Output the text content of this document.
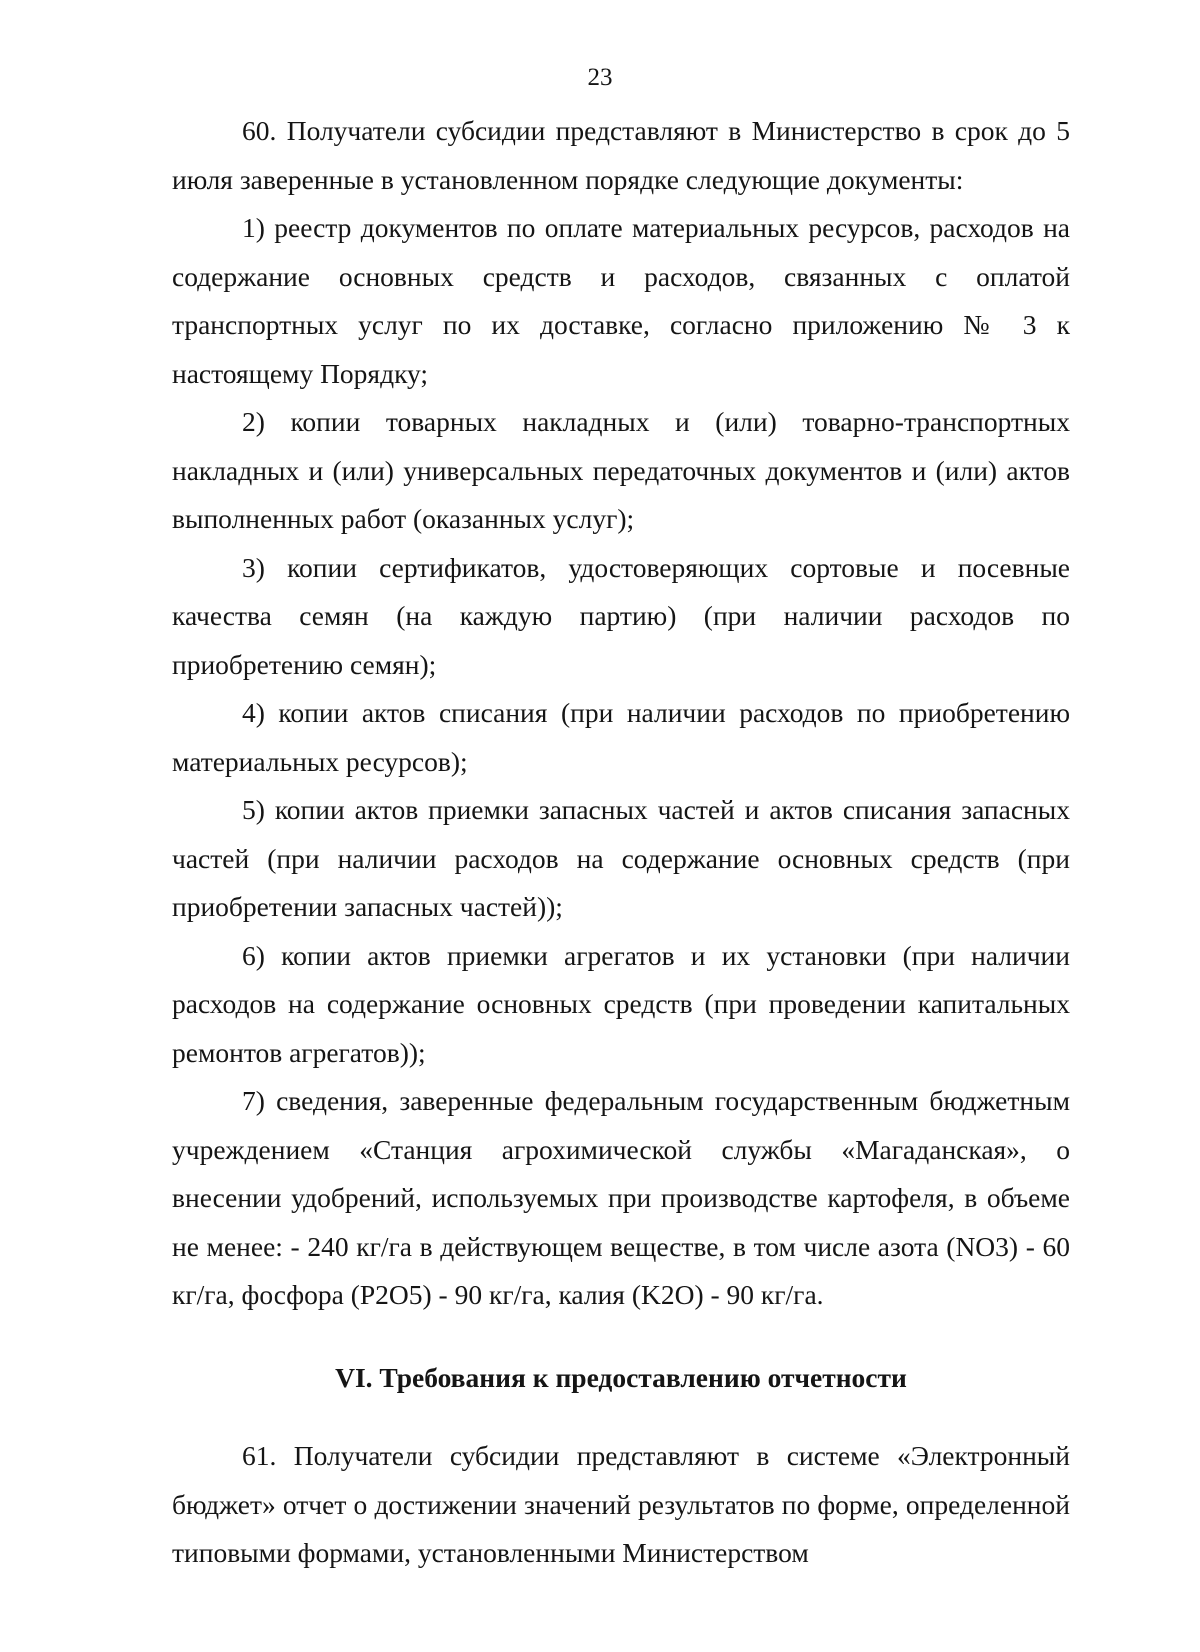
23

60. Получатели субсидии представляют в Министерство в срок до 5 июля заверенные в установленном порядке следующие документы:

1) реестр документов по оплате материальных ресурсов, расходов на содержание основных средств и расходов, связанных с оплатой транспортных услуг по их доставке, согласно приложению № 3 к настоящему Порядку;

2) копии товарных накладных и (или) товарно-транспортных накладных и (или) универсальных передаточных документов и (или) актов выполненных работ (оказанных услуг);

3) копии сертификатов, удостоверяющих сортовые и посевные качества семян (на каждую партию) (при наличии расходов по приобретению семян);

4) копии актов списания (при наличии расходов по приобретению материальных ресурсов);

5) копии актов приемки запасных частей и актов списания запасных частей (при наличии расходов на содержание основных средств (при приобретении запасных частей));

6) копии актов приемки агрегатов и их установки (при наличии расходов на содержание основных средств (при проведении капитальных ремонтов агрегатов));

7) сведения, заверенные федеральным государственным бюджетным учреждением «Станция агрохимической службы «Магаданская», о внесении удобрений, используемых при производстве картофеля, в объеме не менее: - 240 кг/га в действующем веществе, в том числе азота (NO3) - 60 кг/га, фосфора (P2O5) - 90 кг/га, калия (K2O) - 90 кг/га.

VI. Требования к предоставлению отчетности

61. Получатели субсидии представляют в системе «Электронный бюджет» отчет о достижении значений результатов по форме, определенной типовыми формами, установленными Министерством
